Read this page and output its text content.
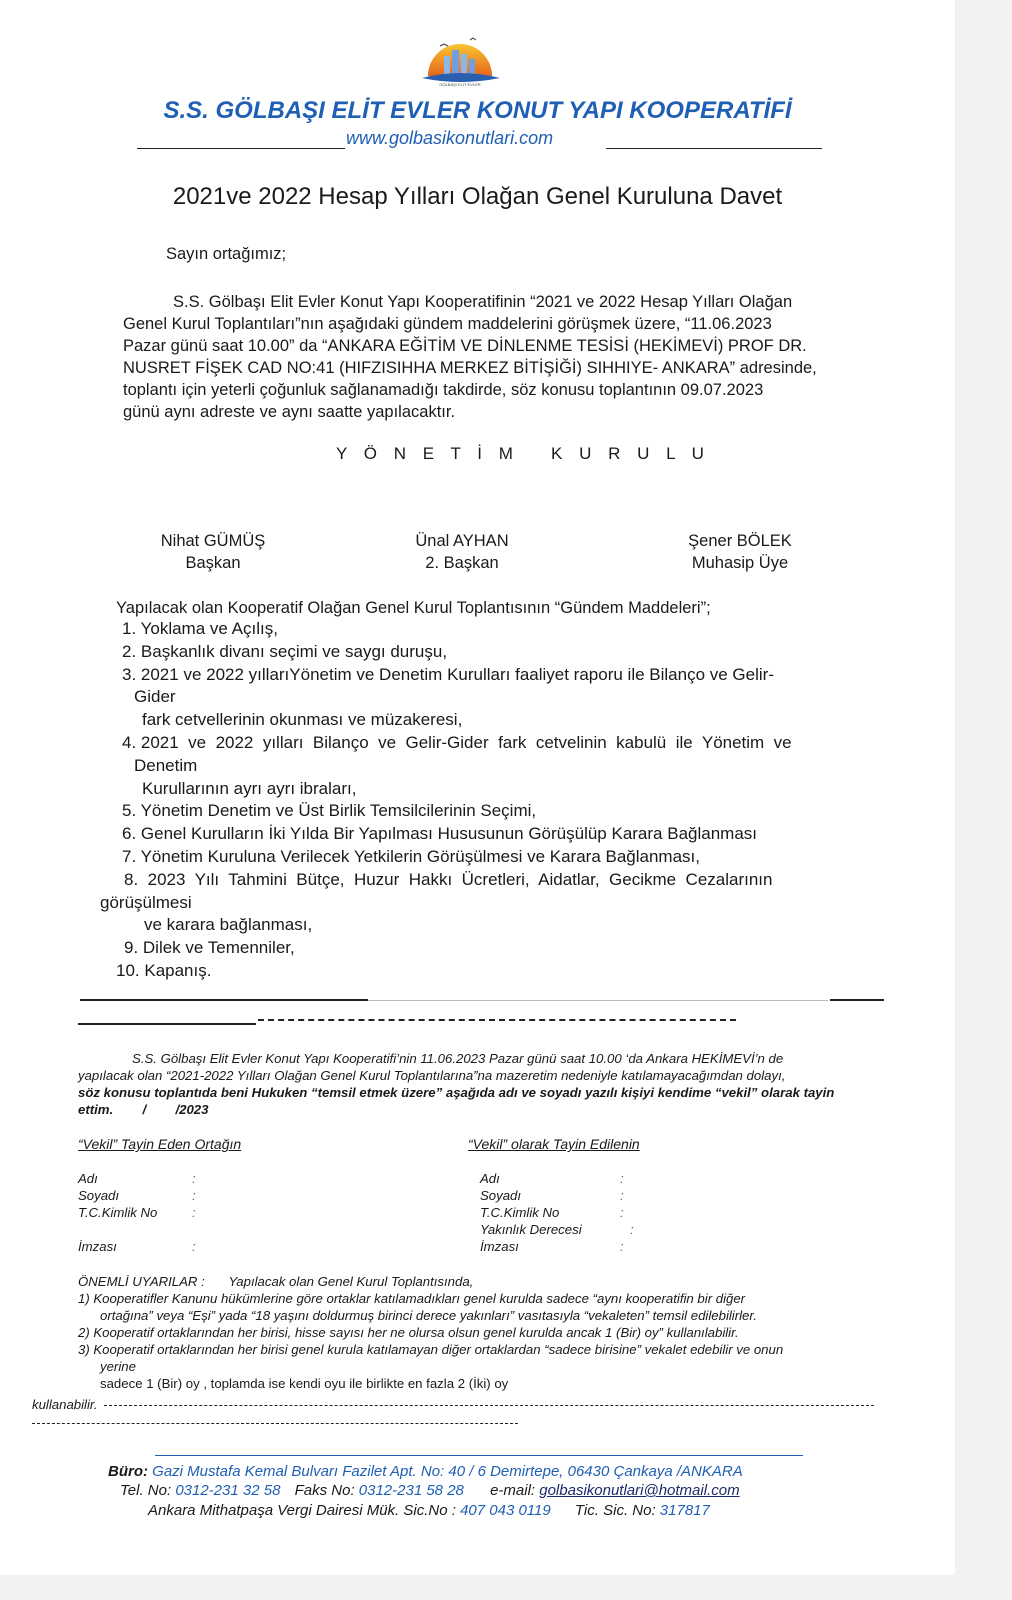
GÖLBAŞI ELİT EVLER
S.S. GÖLBAŞI ELİT EVLER KONUT YAPI KOOPERATİFİ
www.golbasikonutlari.com
2021ve 2022 Hesap Yılları Olağan Genel Kuruluna Davet
Sayın ortağımız;
S.S. Gölbaşı Elit Evler Konut Yapı Kooperatifinin “2021 ve 2022 Hesap Yılları Olağan
Genel Kurul Toplantıları”nın aşağıdaki gündem maddelerini görüşmek üzere, “11.06.2023
Pazar günü saat 10.00” da “ANKARA EĞİTİM VE DİNLENME TESİSİ (HEKİMEVİ) PROF DR.
NUSRET FİŞEK CAD NO:41 (HIFZISIHHA MERKEZ BİTİŞİĞİ) SIHHIYE- ANKARA” adresinde,
toplantı için yeterli çoğunluk sağlanamadığı takdirde, söz konusu toplantının 09.07.2023
günü aynı adreste ve aynı saatte yapılacaktır.
Y Ö N E T İ M   K U R U L U
Nihat GÜMÜŞ
Başkan
Ünal AYHAN
2. Başkan
Şener BÖLEK
Muhasip Üye
Yapılacak olan Kooperatif Olağan Genel Kurul Toplantısının “Gündem Maddeleri”;
1. Yoklama ve Açılış,
2. Başkanlık divanı seçimi ve saygı duruşu,
3. 2021 ve 2022 yıllarıYönetim ve Denetim Kurulları faaliyet raporu ile Bilanço ve Gelir-
Gider
fark cetvellerinin okunması ve müzakeresi,
4. 2021  ve  2022  yılları  Bilanço  ve  Gelir-Gider  fark  cetvelinin  kabulü  ile  Yönetim  ve
Denetim
Kurullarının ayrı ayrı ibraları,
5. Yönetim Denetim ve Üst Birlik Temsilcilerinin Seçimi,
6. Genel Kurulların İki Yılda Bir Yapılması Hususunun Görüşülüp Karara Bağlanması
7. Yönetim Kuruluna Verilecek Yetkilerin Görüşülmesi ve Karara Bağlanması,
8.  2023  Yılı  Tahmini  Bütçe,  Huzur  Hakkı  Ücretleri,  Aidatlar,  Gecikme  Cezalarının
görüşülmesi
ve karara bağlanması,
9. Dilek ve Temenniler,
10. Kapanış.
S.S. Gölbaşı Elit Evler Konut Yapı Kooperatifi’nin 11.06.2023 Pazar günü saat 10.00 ‘da Ankara HEKİMEVİ’n de
yapılacak olan “2021-2022 Yılları Olağan Genel Kurul Toplantılarına”na mazeretim nedeniyle katılamayacağımdan dolayı,
söz konusu toplantıda beni Hukuken “temsil etmek üzere” aşağıda adı ve soyadı yazılı kişiyi kendime “vekil” olarak tayin
ettim.        /        /2023
“Vekil” Tayin Eden Ortağın	“Vekil” olarak Tayin Edilenin
Adı
Soyadı
T.C.Kimlik No
İmzası
:
:
:
:
Adı
Soyadı
T.C.Kimlik No
Yakınlık Derecesi
İmzası
:
:
:
:
:
ÖNEMLİ UYARILAR : Yapılacak olan Genel Kurul Toplantısında,
1) Kooperatifler Kanunu hükümlerine göre ortaklar katılamadıkları genel kurulda sadece “aynı kooperatifin bir diğer
ortağına” veya “Eşi” yada “18 yaşını doldurmuş birinci derece yakınları” vasıtasıyla “vekaleten” temsil edilebilirler.
2) Kooperatif ortaklarından her birisi, hisse sayısı her ne olursa olsun genel kurulda ancak 1 (Bir) oy” kullanılabilir.
3) Kooperatif ortaklarından her birisi genel kurula katılamayan diğer ortaklardan “sadece birisine” vekalet edebilir ve onun
yerine
sadece 1 (Bir) oy , toplamda ise kendi oyu ile birlikte en fazla 2 (İki) oy
kullanabilir.
Büro: Gazi Mustafa Kemal Bulvarı Fazilet Apt. No: 40 / 6 Demirtepe, 06430 Çankaya /ANKARA
Tel. No: 0312-231 32 58 Faks No: 0312-231 58 28 e-mail: golbasikonutlari@hotmail.com
Ankara Mithatpaşa Vergi Dairesi Mük. Sic.No : 407 043 0119 Tic. Sic. No: 317817
